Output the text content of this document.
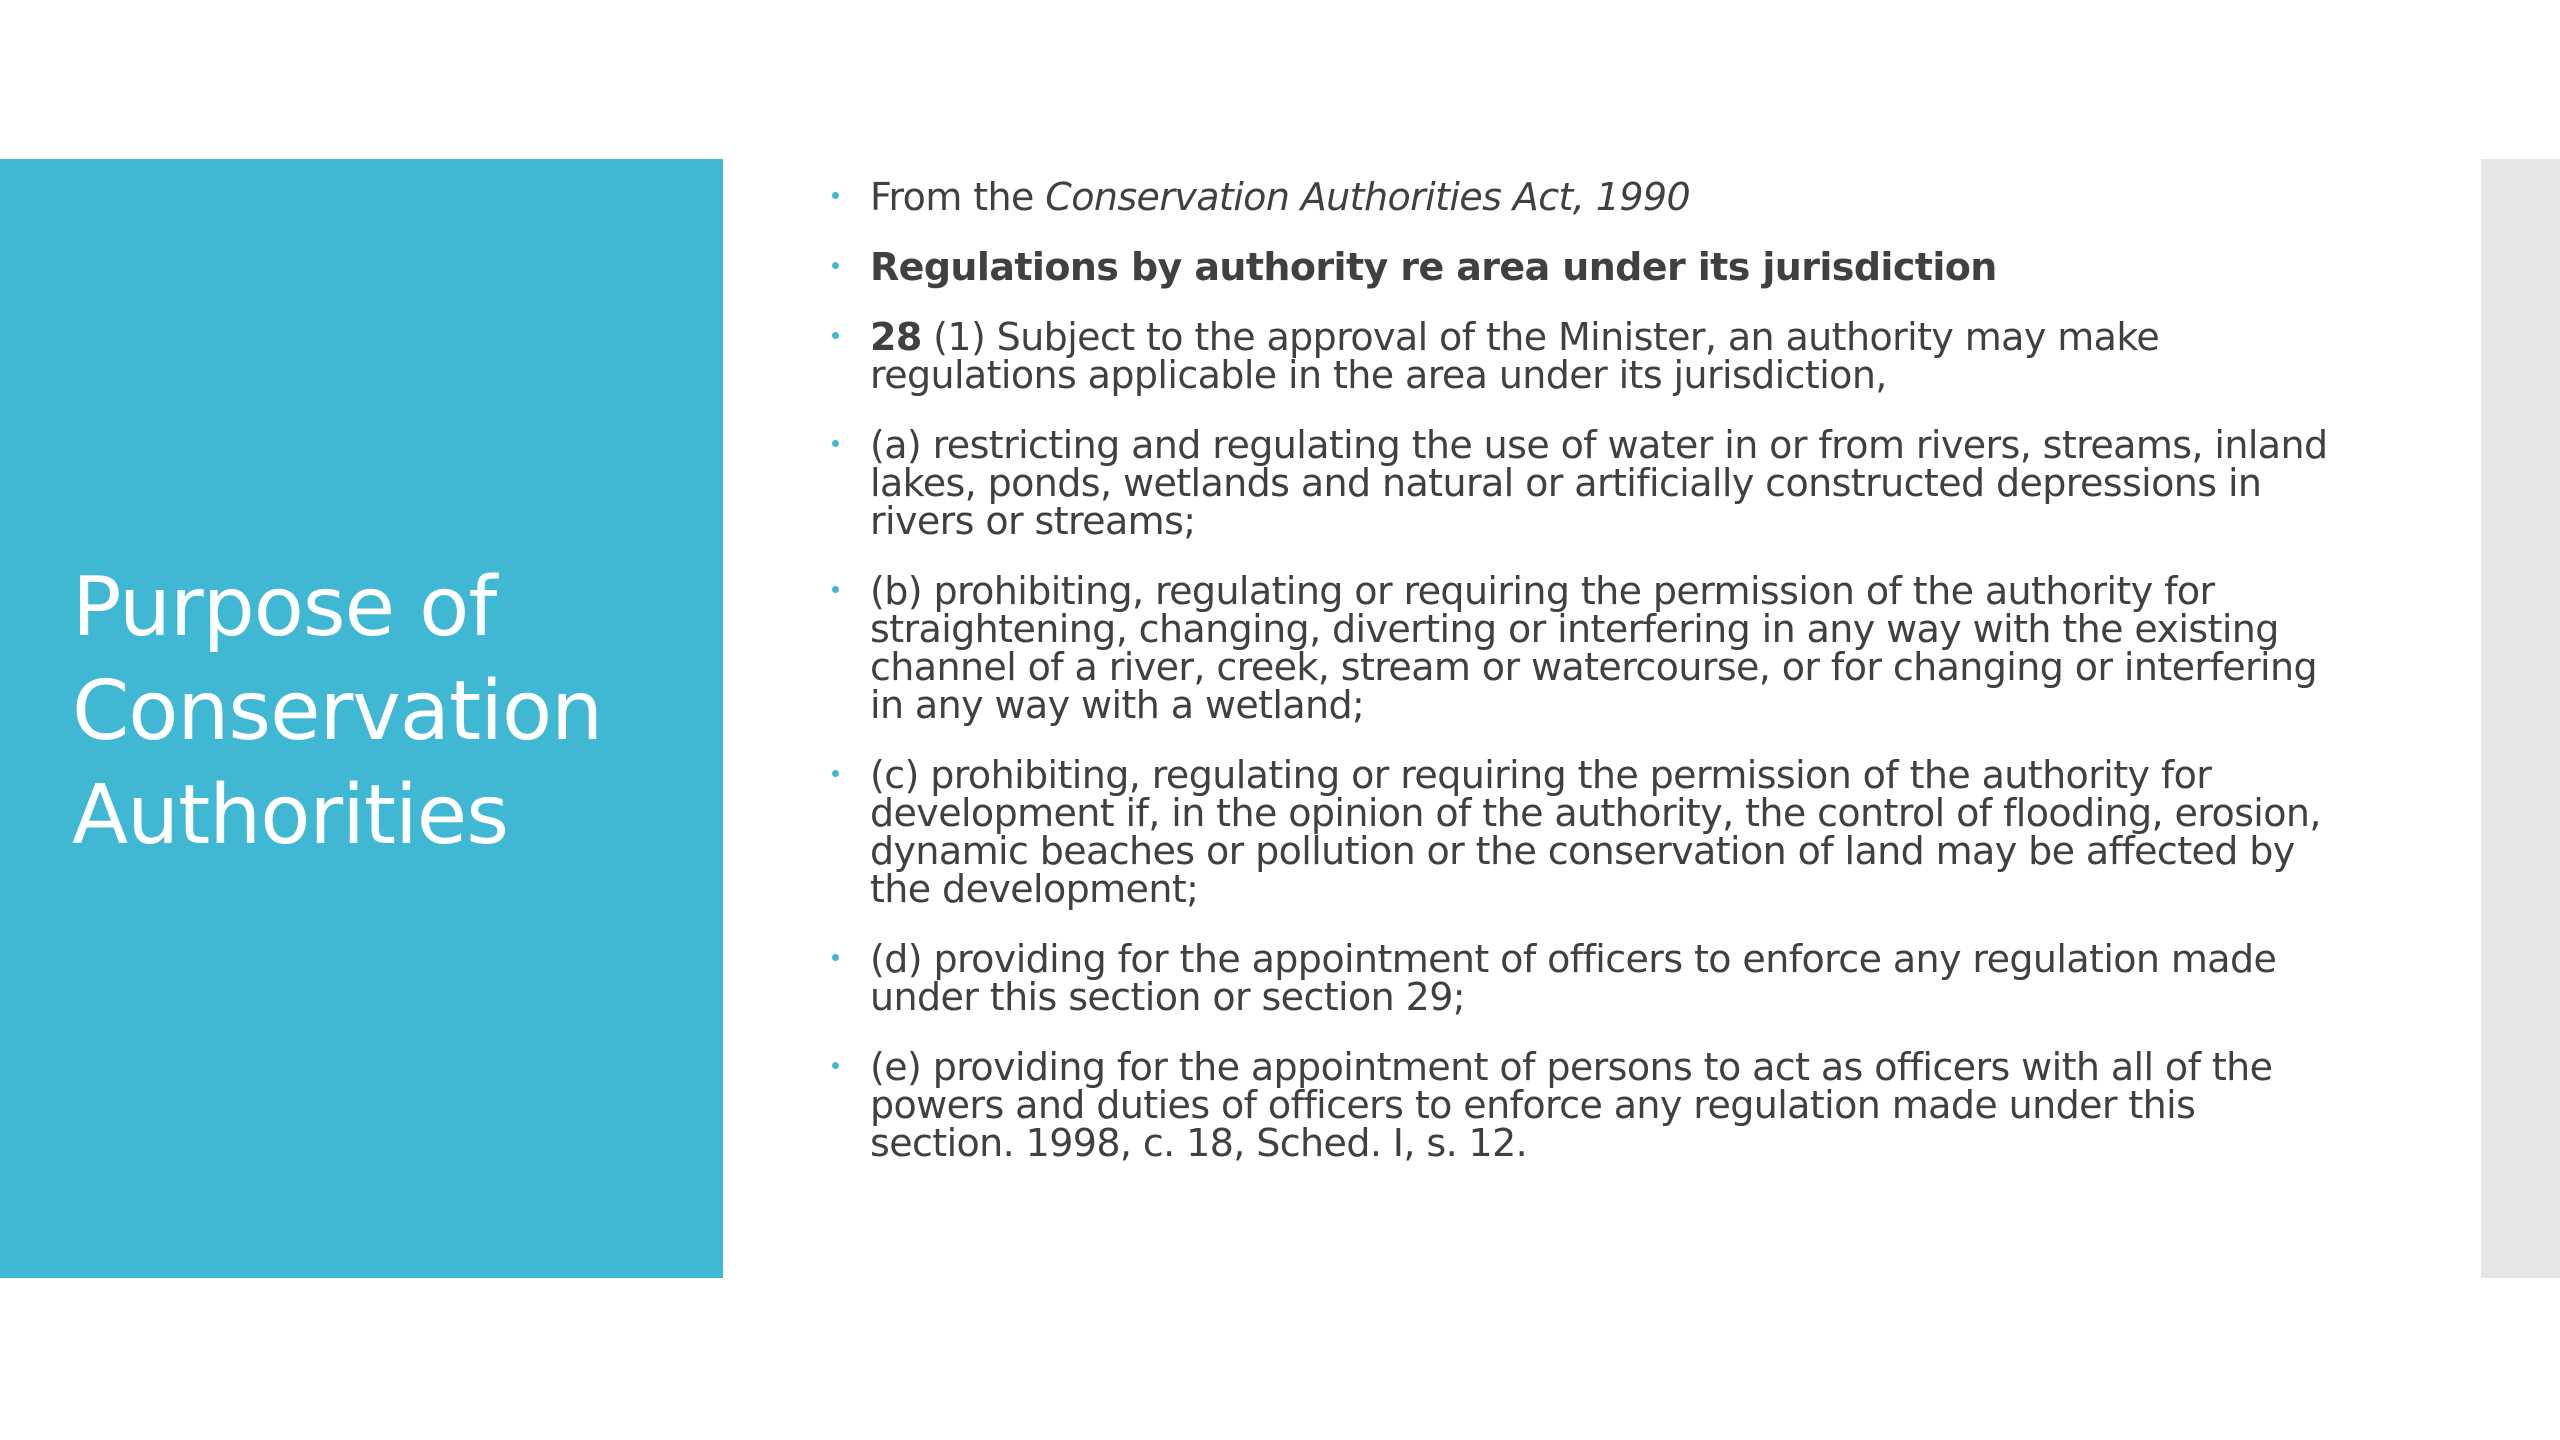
Purpose of Conservation Authorities
From the Conservation Authorities Act, 1990
Regulations by authority re area under its jurisdiction
28 (1) Subject to the approval of the Minister, an authority may make regulations applicable in the area under its jurisdiction,
(a) restricting and regulating the use of water in or from rivers, streams, inland lakes, ponds, wetlands and natural or artificially constructed depressions in rivers or streams;
(b) prohibiting, regulating or requiring the permission of the authority for straightening, changing, diverting or interfering in any way with the existing channel of a river, creek, stream or watercourse, or for changing or interfering in any way with a wetland;
(c) prohibiting, regulating or requiring the permission of the authority for development if, in the opinion of the authority, the control of flooding, erosion, dynamic beaches or pollution or the conservation of land may be affected by the development;
(d) providing for the appointment of officers to enforce any regulation made under this section or section 29;
(e) providing for the appointment of persons to act as officers with all of the powers and duties of officers to enforce any regulation made under this section. 1998, c. 18, Sched. I, s. 12.
